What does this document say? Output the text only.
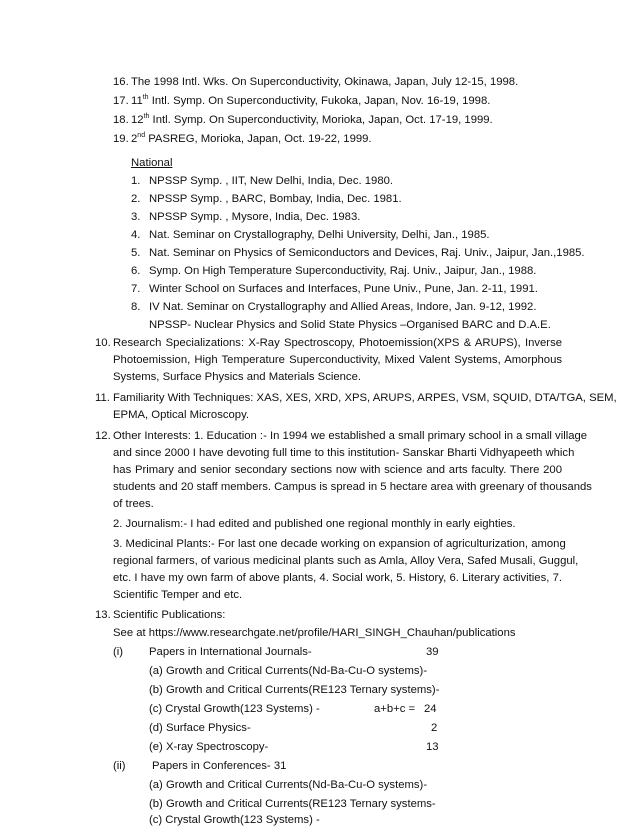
16. The 1998 Intl. Wks. On Superconductivity, Okinawa, Japan, July 12-15, 1998.
17. 11th Intl. Symp. On Superconductivity, Fukoka, Japan, Nov. 16-19, 1998.
18. 12th Intl. Symp. On Superconductivity, Morioka, Japan, Oct. 17-19, 1999.
19. 2nd PASREG, Morioka, Japan, Oct. 19-22, 1999.
National
1. NPSSP Symp. , IIT, New Delhi, India, Dec. 1980.
2. NPSSP Symp. , BARC, Bombay, India, Dec. 1981.
3. NPSSP Symp. , Mysore, India, Dec. 1983.
4. Nat. Seminar on Crystallography, Delhi University, Delhi, Jan., 1985.
5. Nat. Seminar on Physics of Semiconductors and Devices, Raj. Univ., Jaipur, Jan.,1985.
6. Symp. On High Temperature Superconductivity, Raj. Univ., Jaipur, Jan., 1988.
7. Winter School on Surfaces and Interfaces, Pune Univ., Pune, Jan. 2-11, 1991.
8. IV Nat. Seminar on Crystallography and Allied Areas, Indore, Jan. 9-12, 1992.
NPSSP- Nuclear Physics and Solid State Physics –Organised BARC and D.A.E.
10. Research Specializations: X-Ray Spectroscopy, Photoemission(XPS & ARUPS), Inverse
Photoemission, High Temperature Superconductivity, Mixed Valent Systems, Amorphous
Systems, Surface Physics and Materials Science.
11. Familiarity With Techniques: XAS, XES, XRD, XPS, ARUPS, ARPES, VSM, SQUID, DTA/TGA, SEM,
EPMA, Optical Microscopy.
12. Other Interests: 1. Education :- In 1994 we established a small primary school in a small village
and since 2000 I have devoting full time to this institution- Sanskar Bharti Vidhyapeeth which
has Primary and senior secondary sections now with science and arts faculty. There 200
students and 20 staff members. Campus is spread in 5 hectare area with greenary of thousands
of trees.
2. Journalism:- I had edited and published one regional monthly in early eighties.
3. Medicinal Plants:- For last one decade working on expansion of agriculturization, among
regional farmers, of various medicinal plants such as Amla, Alloy Vera, Safed Musali, Guggul,
etc. I have my own farm of above plants, 4. Social work, 5. History, 6. Literary activities, 7.
Scientific Temper and etc.
13. Scientific Publications:
See at https://www.researchgate.net/profile/HARI_SINGH_Chauhan/publications
(i) Papers in International Journals-	39
(a) Growth and Critical Currents(Nd-Ba-Cu-O systems)-
(b) Growth and Critical Currents(RE123 Ternary systems)-
(c) Crystal Growth(123 Systems) -	a+b+c = 24
(d) Surface Physics-	2
(e) X-ray Spectroscopy-	13
(ii) Papers in Conferences- 31
(a) Growth and Critical Currents(Nd-Ba-Cu-O systems)-
(b) Growth and Critical Currents(RE123 Ternary systems-
(c) Crystal Growth(123 Systems) -
